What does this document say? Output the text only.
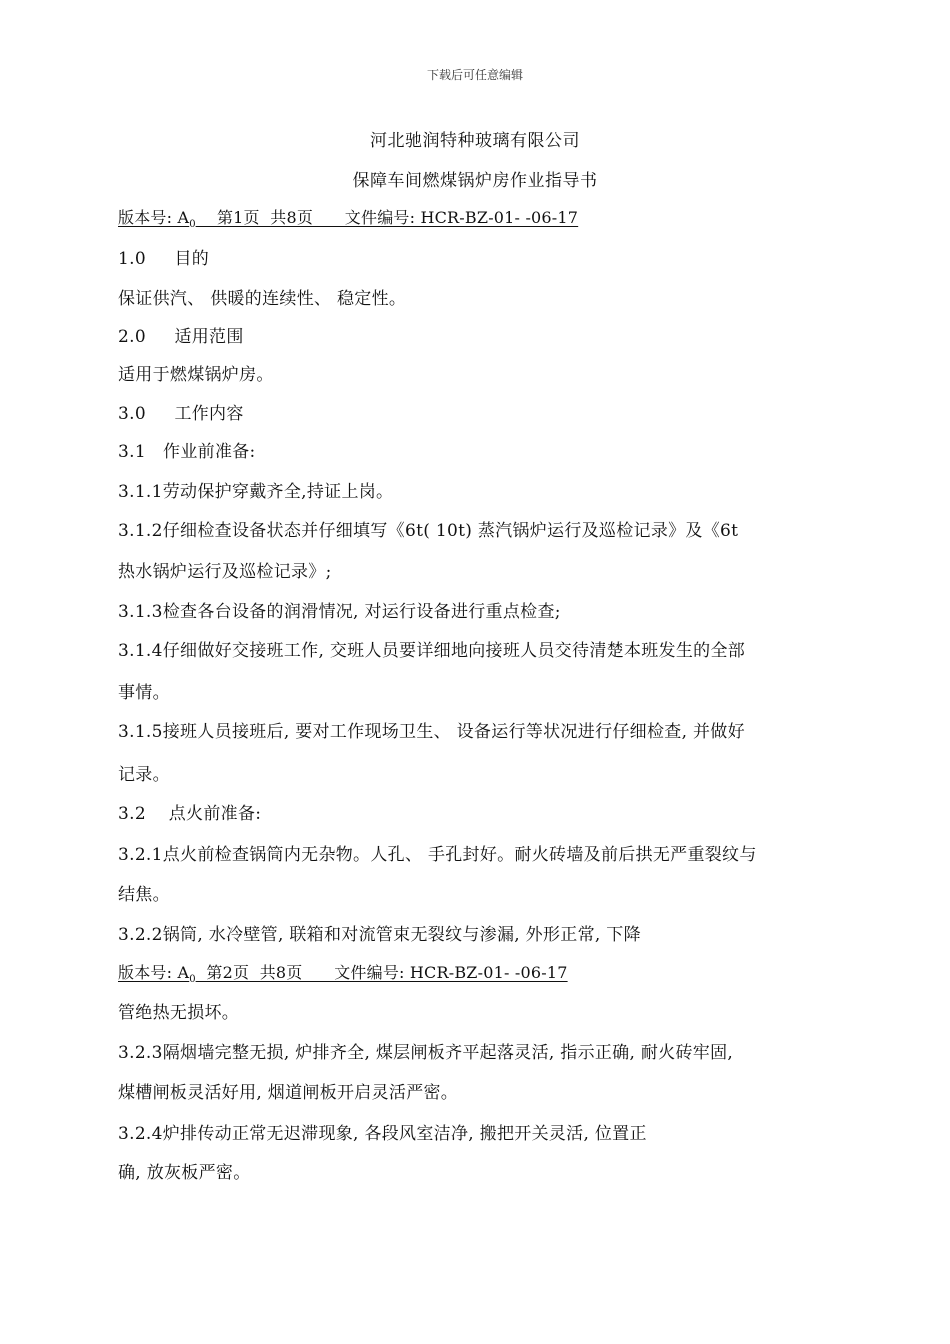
下载后可任意编辑
河北驰润特种玻璃有限公司
保障车间燃煤锅炉房作业指导书
版本号: $A_0$    第1页  共8页      文件编号: HCR-BZ-01- -06-17
1.0     目的
保证供汽、 供暖的连续性、 稳定性。
2.0     适用范围
适用于燃煤锅炉房。
3.0     工作内容
3.1   作业前准备:
3.1.1劳动保护穿戴齐全,持证上岗。
3.1.2仔细检查设备状态并仔细填写《6t( 10t) 蒸汽锅炉运行及巡检记录》及《6t
热水锅炉运行及巡检记录》;
3.1.3检查各台设备的润滑情况, 对运行设备进行重点检查;
3.1.4仔细做好交接班工作, 交班人员要详细地向接班人员交待清楚本班发生的全部
事情。
3.1.5接班人员接班后, 要对工作现场卫生、 设备运行等状况进行仔细检查, 并做好
记录。
3.2    点火前准备:
3.2.1点火前检查锅筒内无杂物。人孔、 手孔封好。耐火砖墙及前后拱无严重裂纹与
结焦。
3.2.2锅筒, 水冷壁管, 联箱和对流管束无裂纹与渗漏, 外形正常, 下降
版本号: $A_0$  第2页  共8页      文件编号: HCR-BZ-01- -06-17
管绝热无损坏。
3.2.3隔烟墙完整无损, 炉排齐全, 煤层闸板齐平起落灵活, 指示正确, 耐火砖牢固,
煤槽闸板灵活好用, 烟道闸板开启灵活严密。
3.2.4炉排传动正常无迟滞现象, 各段风室洁净, 搬把开关灵活, 位置正
确, 放灰板严密。
